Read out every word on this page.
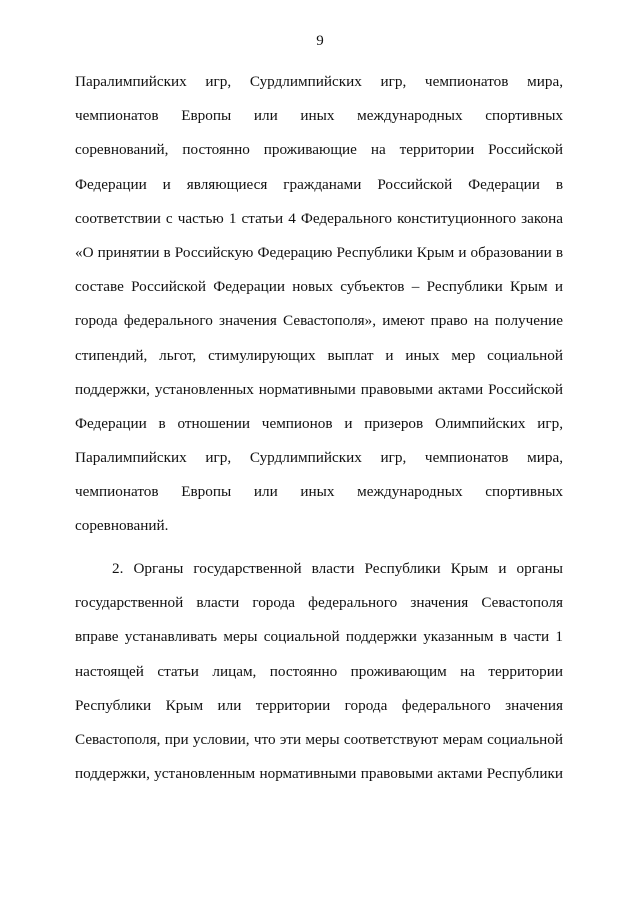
9
Паралимпийских игр, Сурдлимпийских игр, чемпионатов мира,
чемпионатов Европы или иных международных спортивных
соревнований, постоянно проживающие на территории Российской
Федерации и являющиеся гражданами Российской Федерации в
соответствии с частью 1 статьи 4 Федерального конституционного закона
«О принятии в Российскую Федерацию Республики Крым и образовании в
составе Российской Федерации новых субъектов – Республики Крым и
города федерального значения Севастополя», имеют право на получение
стипендий, льгот, стимулирующих выплат и иных мер социальной
поддержки, установленных нормативными правовыми актами Российской
Федерации в отношении чемпионов и призеров Олимпийских игр,
Паралимпийских игр, Сурдлимпийских игр, чемпионатов мира,
чемпионатов Европы или иных международных спортивных
соревнований.
2. Органы государственной власти Республики Крым и органы
государственной власти города федерального значения Севастополя
вправе устанавливать меры социальной поддержки указанным в части 1
настоящей статьи лицам, постоянно проживающим на территории
Республики Крым или территории города федерального значения
Севастополя, при условии, что эти меры соответствуют мерам социальной
поддержки, установленным нормативными правовыми актами Республики
